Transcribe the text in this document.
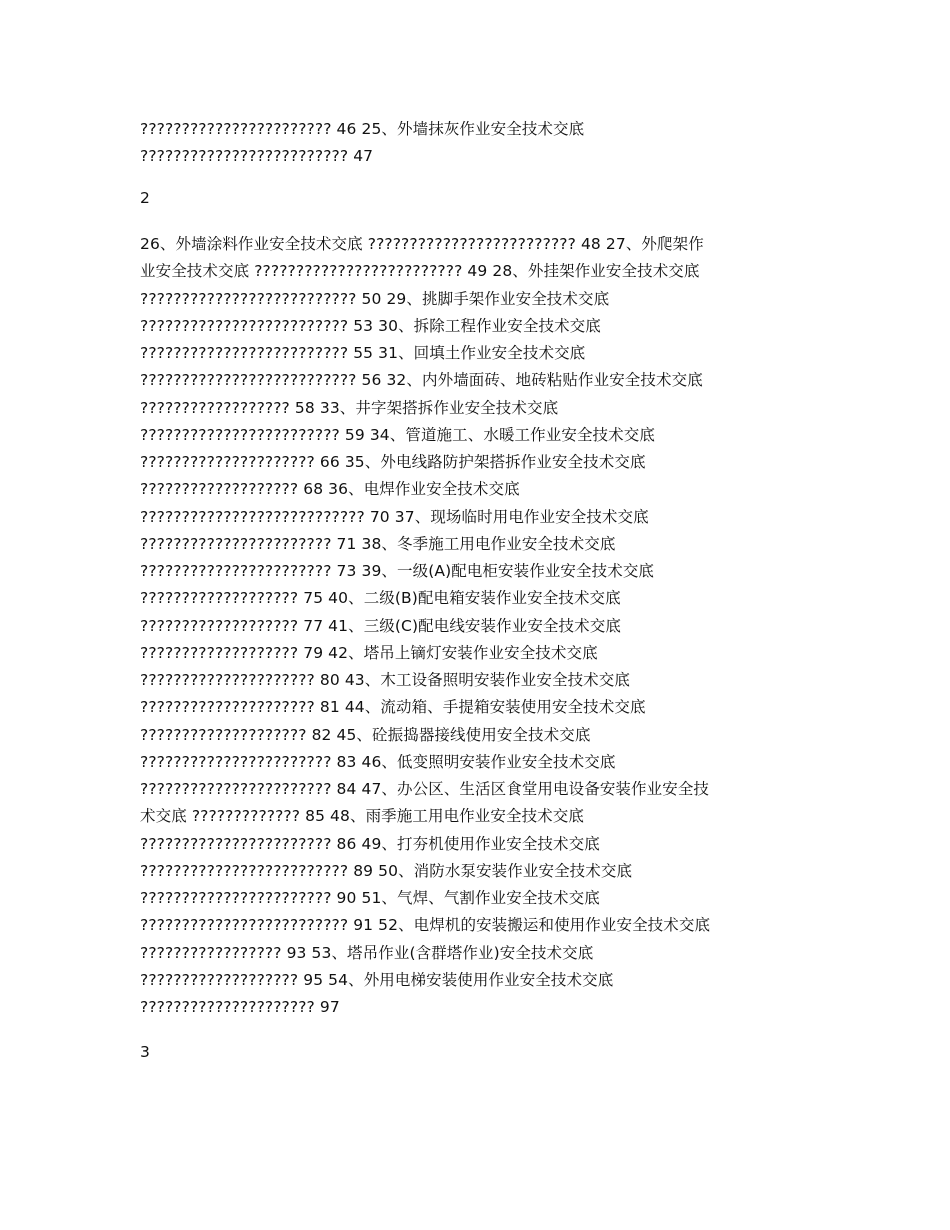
??????????????????????? 46 25、外墙抹灰作业安全技术交底
????????????????????????? 47
2
26、外墙涂料作业安全技术交底 ????????????????????????? 48 27、外爬架作
业安全技术交底 ????????????????????????? 49 28、外挂架作业安全技术交底
?????????????????????????? 50 29、挑脚手架作业安全技术交底
????????????????????????? 53 30、拆除工程作业安全技术交底
????????????????????????? 55 31、回填土作业安全技术交底
?????????????????????????? 56 32、内外墙面砖、地砖粘贴作业安全技术交底
?????????????????? 58 33、井字架搭拆作业安全技术交底
???????????????????????? 59 34、管道施工、水暖工作业安全技术交底
????????????????????? 66 35、外电线路防护架搭拆作业安全技术交底
??????????????????? 68 36、电焊作业安全技术交底
??????????????????????????? 70 37、现场临时用电作业安全技术交底
??????????????????????? 71 38、冬季施工用电作业安全技术交底
??????????????????????? 73 39、一级(A)配电柜安装作业安全技术交底
??????????????????? 75 40、二级(B)配电箱安装作业安全技术交底
??????????????????? 77 41、三级(C)配电线安装作业安全技术交底
??????????????????? 79 42、塔吊上镝灯安装作业安全技术交底
????????????????????? 80 43、木工设备照明安装作业安全技术交底
????????????????????? 81 44、流动箱、手提箱安装使用安全技术交底
???????????????????? 82 45、砼振捣器接线使用安全技术交底
??????????????????????? 83 46、低变照明安装作业安全技术交底
??????????????????????? 84 47、办公区、生活区食堂用电设备安装作业安全技
术交底 ????????????? 85 48、雨季施工用电作业安全技术交底
??????????????????????? 86 49、打夯机使用作业安全技术交底
????????????????????????? 89 50、消防水泵安装作业安全技术交底
??????????????????????? 90 51、气焊、气割作业安全技术交底
????????????????????????? 91 52、电焊机的安装搬运和使用作业安全技术交底
????????????????? 93 53、塔吊作业(含群塔作业)安全技术交底
??????????????????? 95 54、外用电梯安装使用作业安全技术交底
????????????????????? 97
3
